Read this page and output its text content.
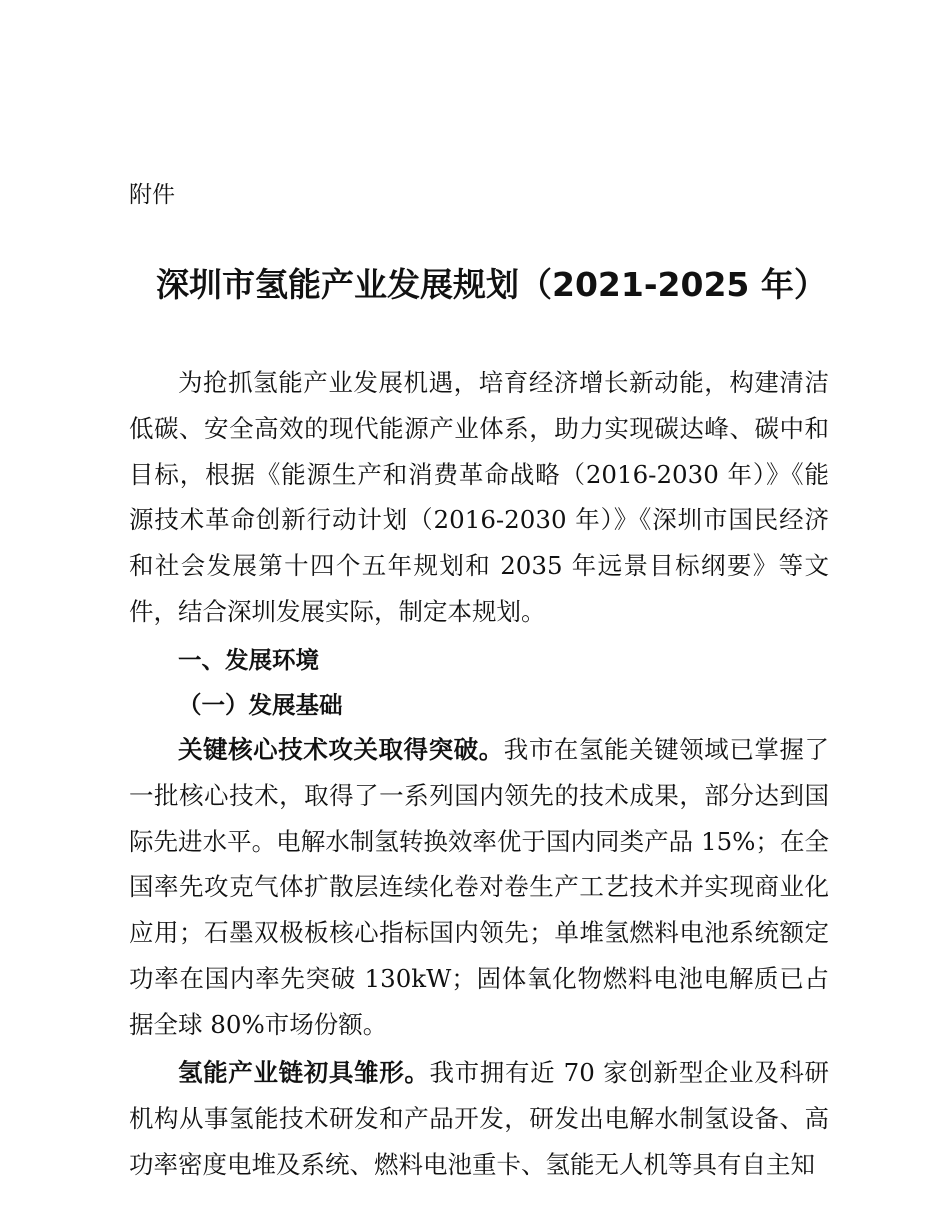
附件

深圳市氢能产业发展规划（2021-2025 年）

为抢抓氢能产业发展机遇，培育经济增长新动能，构建清洁低碳、安全高效的现代能源产业体系，助力实现碳达峰、碳中和目标，根据《能源生产和消费革命战略（2016-2030 年）》《能源技术革命创新行动计划（2016-2030 年）》《深圳市国民经济和社会发展第十四个五年规划和 2035 年远景目标纲要》等文件，结合深圳发展实际，制定本规划。

一、发展环境
（一）发展基础

关键核心技术攻关取得突破。我市在氢能关键领域已掌握了一批核心技术，取得了一系列国内领先的技术成果，部分达到国际先进水平。电解水制氢转换效率优于国内同类产品 15%；在全国率先攻克气体扩散层连续化卷对卷生产工艺技术并实现商业化应用；石墨双极板核心指标国内领先；单堆氢燃料电池系统额定功率在国内率先突破 130kW；固体氧化物燃料电池电解质已占据全球 80%市场份额。

氢能产业链初具雏形。我市拥有近 70 家创新型企业及科研机构从事氢能技术研发和产品开发，研发出电解水制氢设备、高功率密度电堆及系统、燃料电池重卡、氢能无人机等具有自主知
